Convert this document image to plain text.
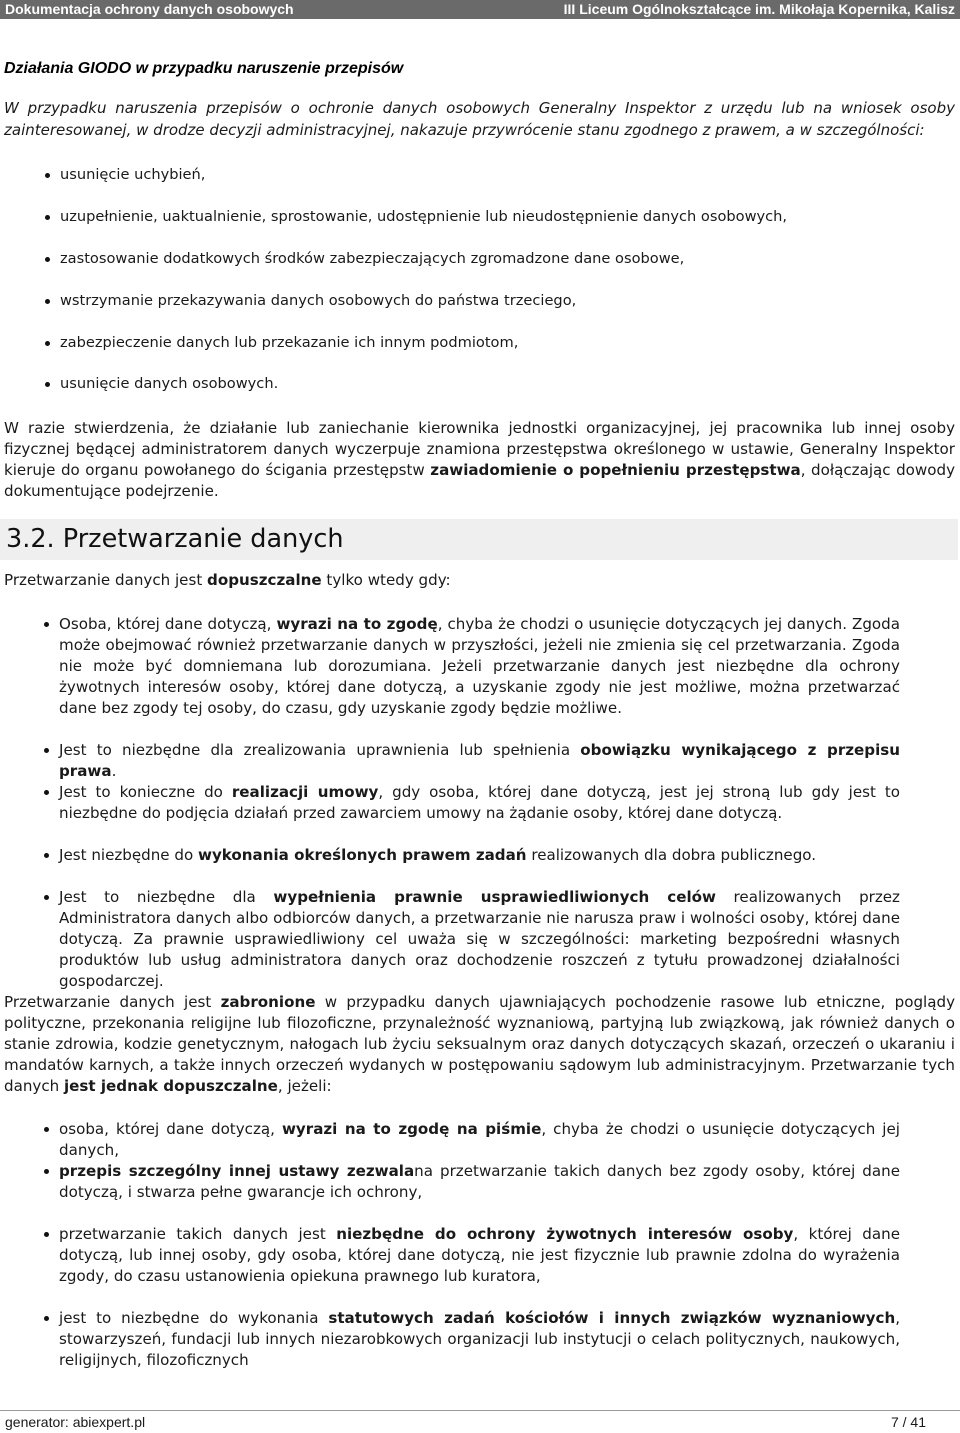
Dokumentacja ochrony danych osobowych	III Liceum Ogólnokształcące im. Mikołaja Kopernika, Kalisz
Działania GIODO w przypadku naruszenie przepisów
W przypadku naruszenia przepisów o ochronie danych osobowych Generalny Inspektor z urzędu lub na wniosek osoby zainteresowanej, w drodze decyzji administracyjnej, nakazuje przywrócenie stanu zgodnego z prawem, a w szczególności:
usunięcie uchybień,
uzupełnienie, uaktualnienie, sprostowanie, udostępnienie lub nieudostępnienie danych osobowych,
zastosowanie dodatkowych środków zabezpieczających zgromadzone dane osobowe,
wstrzymanie przekazywania danych osobowych do państwa trzeciego,
zabezpieczenie danych lub przekazanie ich innym podmiotom,
usunięcie danych osobowych.

W razie stwierdzenia, że działanie lub zaniechanie kierownika jednostki organizacyjnej, jej pracownika lub innej osoby fizycznej będącej administratorem danych wyczerpuje znamiona przestępstwa określonego w ustawie, Generalny Inspektor kieruje do organu powołanego do ścigania przestępstw zawiadomienie o popełnieniu przestępstwa, dołączając dowody dokumentujące podejrzenie.

3.2. Przetwarzanie danych

Przetwarzanie danych jest dopuszczalne tylko wtedy gdy:

Osoba, której dane dotyczą, wyrazi na to zgodę, chyba że chodzi o usunięcie dotyczących jej danych. Zgoda może obejmować również przetwarzanie danych w przyszłości, jeżeli nie zmienia się cel przetwarzania. Zgoda nie może być domniemana lub dorozumiana. Jeżeli przetwarzanie danych jest niezbędne dla ochrony żywotnych interesów osoby, której dane dotyczą, a uzyskanie zgody nie jest możliwe, można przetwarzać dane bez zgody tej osoby, do czasu, gdy uzyskanie zgody będzie możliwe.
Jest to niezbędne dla zrealizowania uprawnienia lub spełnienia obowiązku wynikającego z przepisu prawa.
Jest to konieczne do realizacji umowy, gdy osoba, której dane dotyczą, jest jej stroną lub gdy jest to niezbędne do podjęcia działań przed zawarciem umowy na żądanie osoby, której dane dotyczą.
Jest niezbędne do wykonania określonych prawem zadań realizowanych dla dobra publicznego.
Jest to niezbędne dla wypełnienia prawnie usprawiedliwionych celów realizowanych przez Administratora danych albo odbiorców danych, a przetwarzanie nie narusza praw i wolności osoby, której dane dotyczą. Za prawnie usprawiedliwiony cel uważa się w szczególności: marketing bezpośredni własnych produktów lub usług administratora danych oraz dochodzenie roszczeń z tytułu prowadzonej działalności gospodarczej.

Przetwarzanie danych jest zabronione w przypadku danych ujawniających pochodzenie rasowe lub etniczne, poglądy polityczne, przekonania religijne lub filozoficzne, przynależność wyznaniową, partyjną lub związkową, jak również danych o stanie zdrowia, kodzie genetycznym, nałogach lub życiu seksualnym oraz danych dotyczących skazań, orzeczeń o ukaraniu i mandatów karnych, a także innych orzeczeń wydanych w postępowaniu sądowym lub administracyjnym. Przetwarzanie tych danych jest jednak dopuszczalne, jeżeli:

osoba, której dane dotyczą, wyrazi na to zgodę na piśmie, chyba że chodzi o usunięcie dotyczących jej danych,
przepis szczególny innej ustawy zezwalana przetwarzanie takich danych bez zgody osoby, której dane dotyczą, i stwarza pełne gwarancje ich ochrony,
przetwarzanie takich danych jest niezbędne do ochrony żywotnych interesów osoby, której dane dotyczą, lub innej osoby, gdy osoba, której dane dotyczą, nie jest fizycznie lub prawnie zdolna do wyrażenia zgody, do czasu ustanowienia opiekuna prawnego lub kuratora,
jest to niezbędne do wykonania statutowych zadań kościołów i innych związków wyznaniowych, stowarzyszeń, fundacji lub innych niezarobkowych organizacji lub instytucji o celach politycznych, naukowych, religijnych, filozoficznych
generator: abiexpert.pl	7 / 41
